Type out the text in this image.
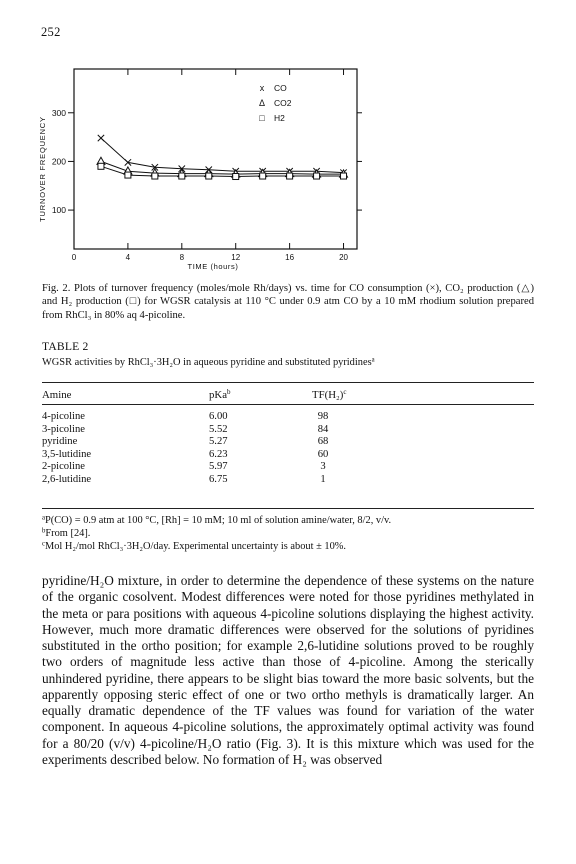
252
0	4	8	12	16	20
100
200
300
TIME (hours)
TURNOVER FREQUENCY
x CO
Δ CO2
□ H2
Fig. 2. Plots of turnover frequency (moles/mole Rh/days) vs. time for CO consumption (×), CO₂ production (△) and H₂ production (□) for WGSR catalysis at 110 °C under 0.9 atm CO by a 10 mM rhodium solution prepared from RhCl₃ in 80% aq 4-picoline.
TABLE 2
WGSR activities by RhCl₃·3H₂O in aqueous pyridine and substituted pyridines$^a$
Amine	pKa$^b$	$TF(H_2)^c$
4-picoline	6.00	98
3-picoline	5.52	84
pyridine	5.27	68
3,5-lutidine	6.23	60
2-picoline	5.97	3
2,6-lutidine	6.75	1
$^a$P(CO) = 0.9 atm at 100 °C, [Rh] = 10 mM; 10 ml of solution amine/water, 8/2, v/v.
$^b$From [24].
$^c$Mol H₂/mol RhCl₃·3H₂O/day. Experimental uncertainty is about ± 10%.
pyridine/H₂O mixture, in order to determine the dependence of these systems on the nature of the organic cosolvent. Modest differences were noted for those pyridines methylated in the meta or para positions with aqueous 4-picoline solutions displaying the highest activity. However, much more dramatic differences were observed for the solutions of pyridines substituted in the ortho position; for example 2,6-lutidine solutions proved to be roughly two orders of magnitude less active than those of 4-picoline. Among the sterically unhindered pyridine, there appears to be slight bias toward the more basic solvents, but the apparently opposing steric effect of one or two ortho methyls is dramatically larger. An equally dramatic dependence of the TF values was found for variation of the water component. In aqueous 4-picoline solutions, the approximately optimal activity was found for a 80/20 (v/v) 4-picoline/H₂O ratio (Fig. 3). It is this mixture which was used for the experiments described below. No formation of H₂ was observed
